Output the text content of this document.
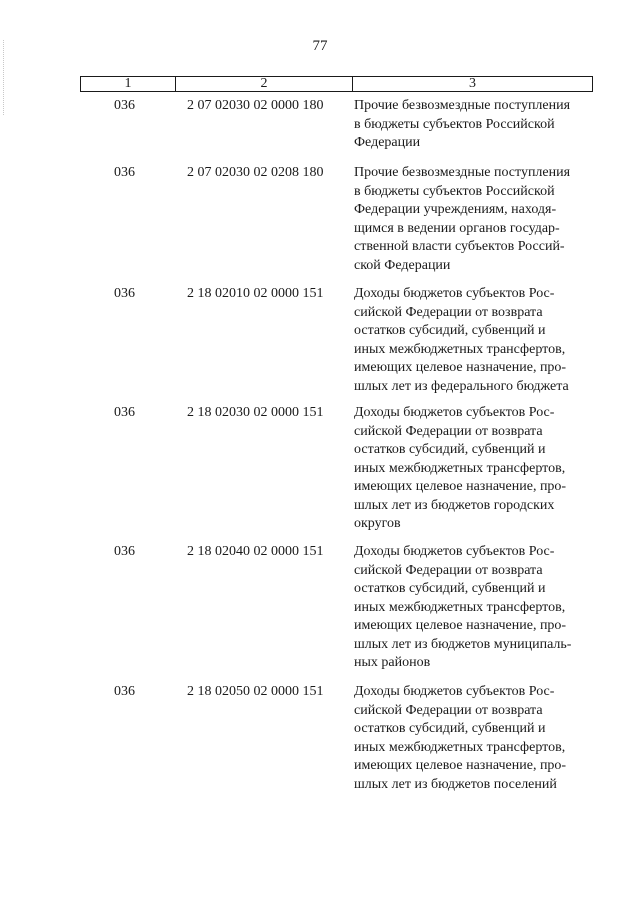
77
1	2	3
036	2 07 02030 02 0000 180 Прочие безвозмездные поступления
в бюджеты субъектов Российской
Федерации
036	2 07 02030 02 0208 180 Прочие безвозмездные поступления
в бюджеты субъектов Российской
Федерации учреждениям, находя-
щимся в ведении органов государ-
ственной власти субъектов Россий-
ской Федерации
036	2 18 02010 02 0000 151 Доходы бюджетов субъектов Рос-
сийской Федерации от возврата
остатков субсидий, субвенций и
иных межбюджетных трансфертов,
имеющих целевое назначение, про-
шлых лет из федерального бюджета
036	2 18 02030 02 0000 151 Доходы бюджетов субъектов Рос-
сийской Федерации от возврата
остатков субсидий, субвенций и
иных межбюджетных трансфертов,
имеющих целевое назначение, про-
шлых лет из бюджетов городских
округов
036	2 18 02040 02 0000 151 Доходы бюджетов субъектов Рос-
сийской Федерации от возврата
остатков субсидий, субвенций и
иных межбюджетных трансфертов,
имеющих целевое назначение, про-
шлых лет из бюджетов муниципаль-
ных районов
036	2 18 02050 02 0000 151 Доходы бюджетов субъектов Рос-
сийской Федерации от возврата
остатков субсидий, субвенций и
иных межбюджетных трансфертов,
имеющих целевое назначение, про-
шлых лет из бюджетов поселений
